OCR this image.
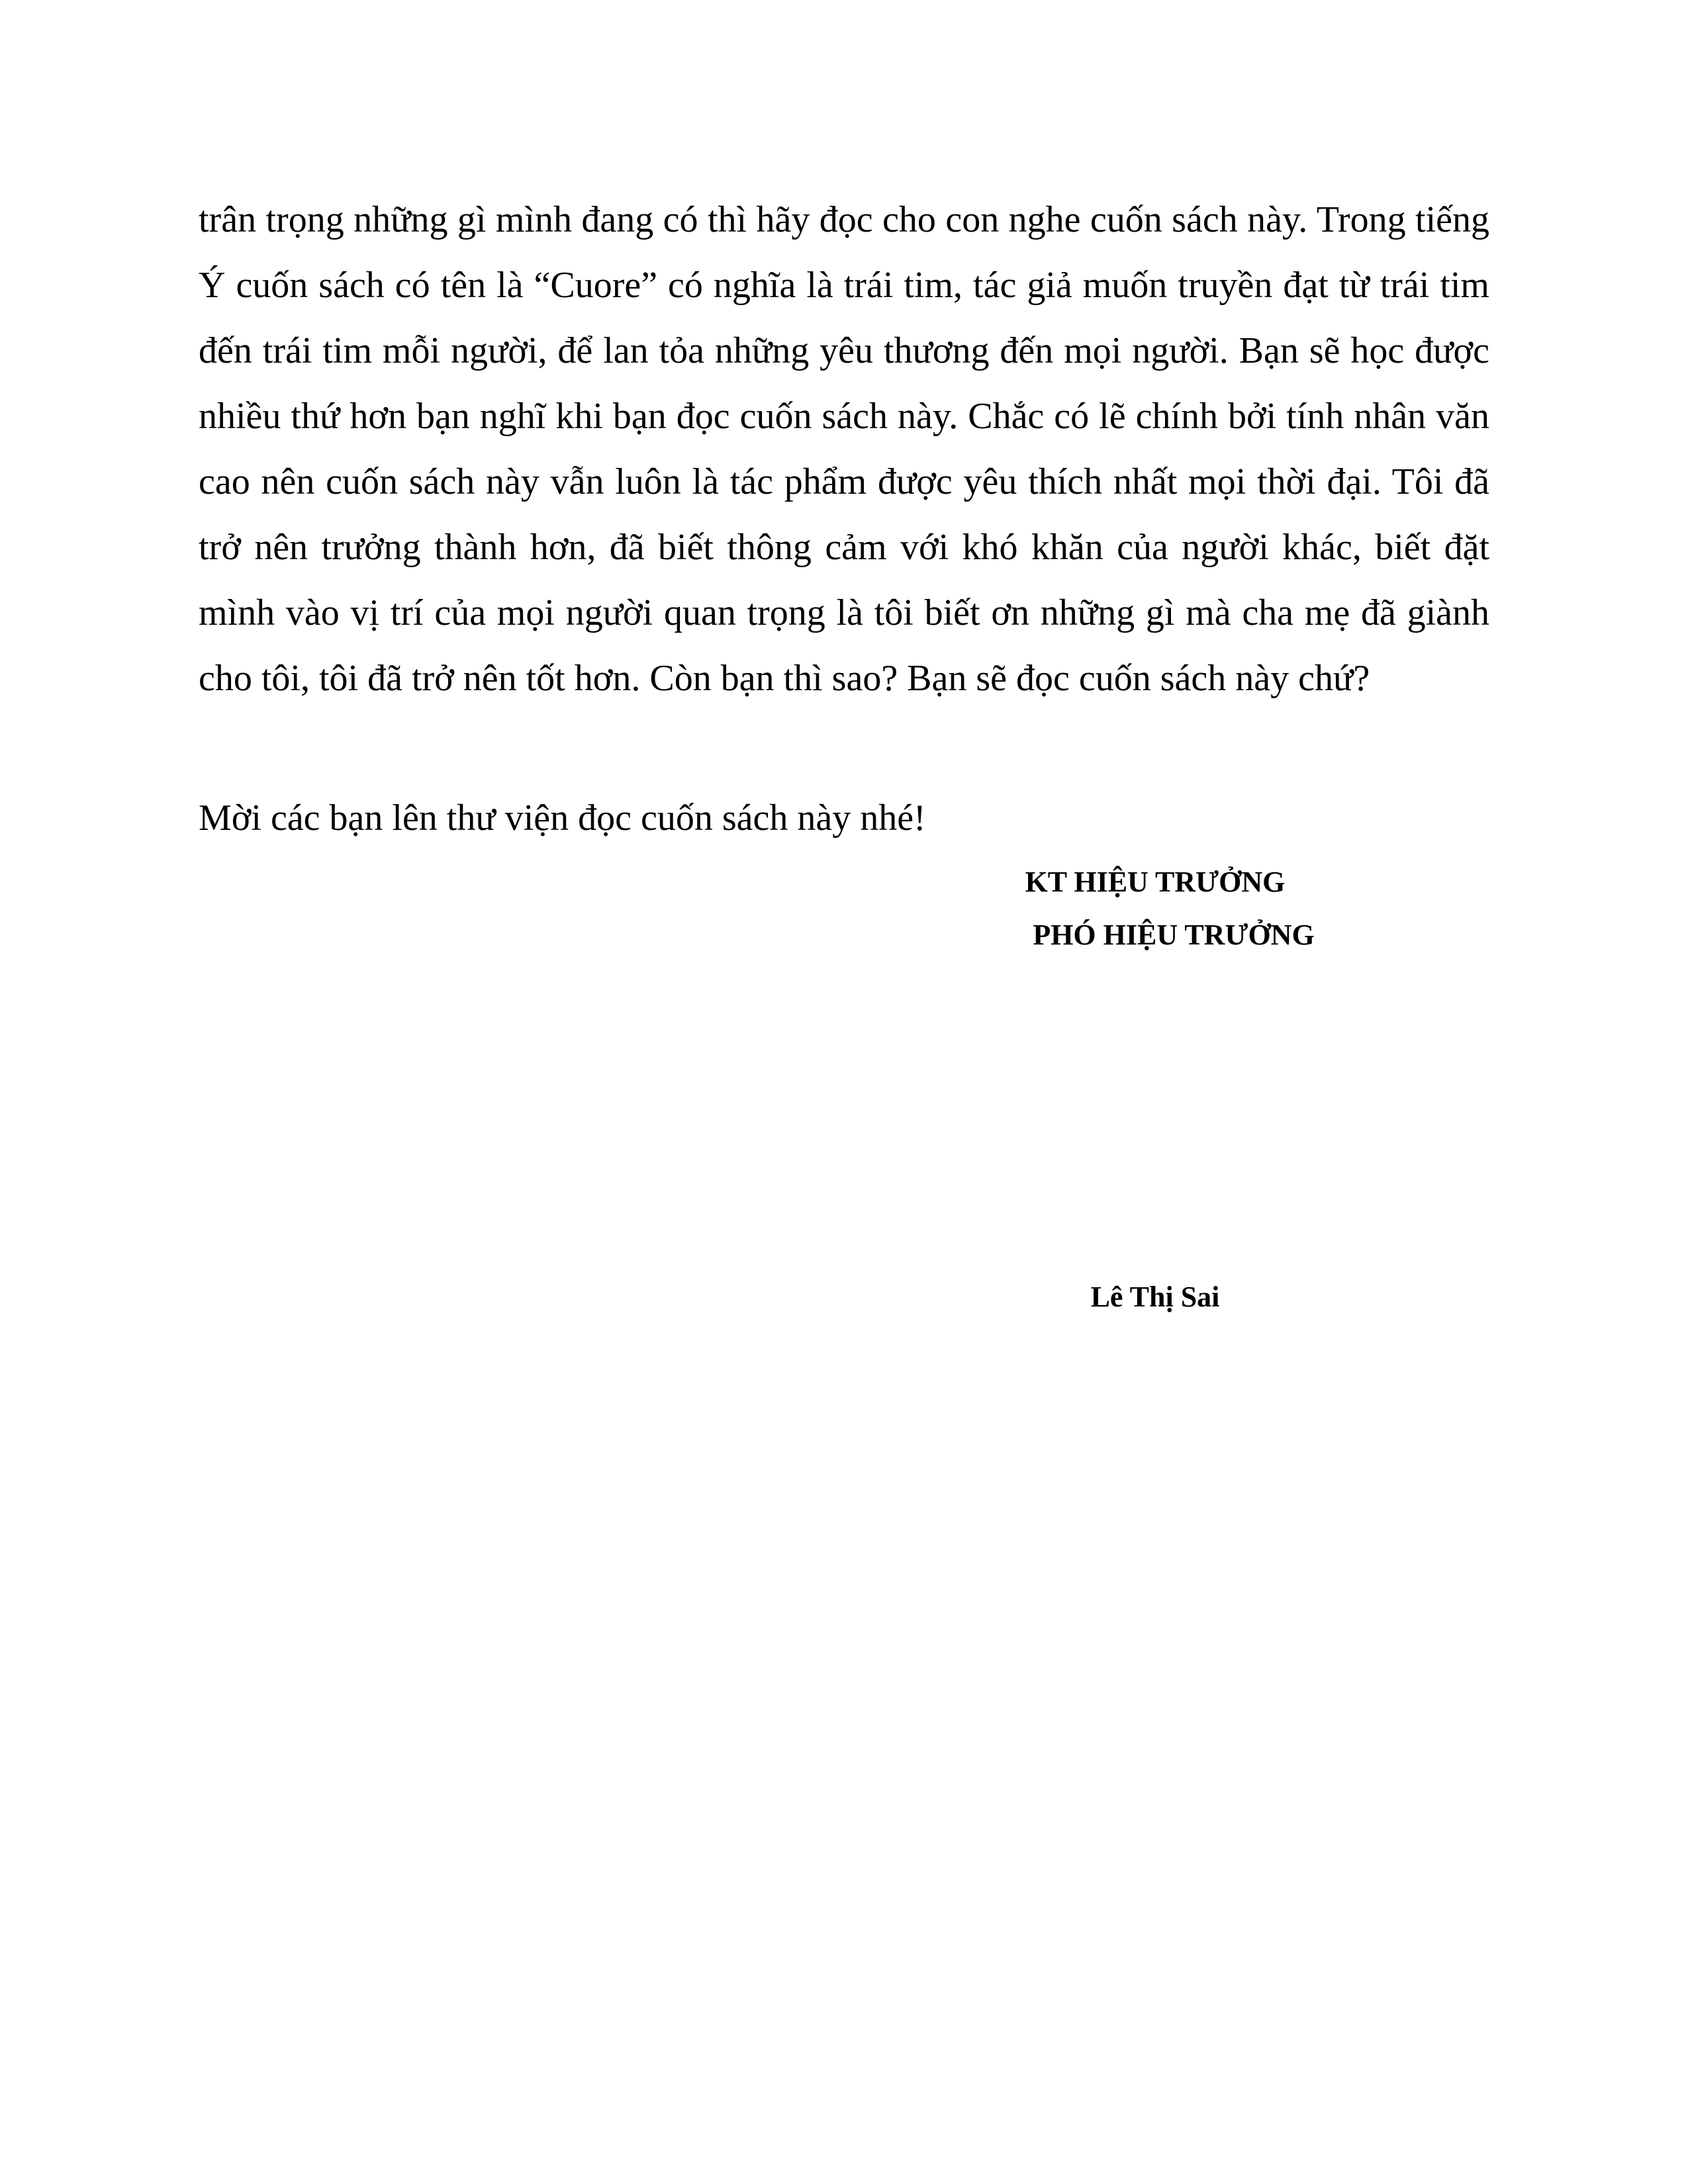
trân trọng những gì mình đang có thì hãy đọc cho con nghe cuốn sách này. Trong tiếng Ý cuốn sách có tên là “Cuore” có nghĩa là trái tim, tác giả muốn truyền đạt từ trái tim đến trái tim mỗi người, để lan tỏa những yêu thương đến mọi người. Bạn sẽ học được nhiều thứ hơn bạn nghĩ khi bạn đọc cuốn sách này. Chắc có lẽ chính bởi tính nhân văn cao nên cuốn sách này vẫn luôn là tác phẩm được yêu thích nhất mọi thời đại. Tôi đã trở nên trưởng thành hơn, đã biết thông cảm với khó khăn của người khác, biết đặt mình vào vị trí của mọi người quan trọng là tôi biết ơn những gì mà cha mẹ đã giành cho tôi, tôi đã trở nên tốt hơn. Còn bạn thì sao? Bạn sẽ đọc cuốn sách này chứ?

Mời các bạn lên thư viện đọc cuốn sách này nhé!

KT HIỆU TRƯỞNG
PHÓ HIỆU TRƯỞNG
Lê Thị Sai
